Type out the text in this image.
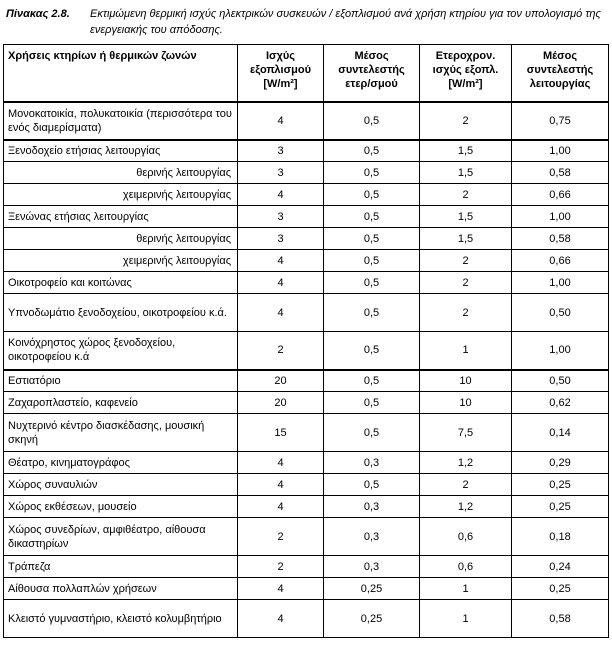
Πίνακας 2.8. Εκτιμώμενη θερμική ισχύς ηλεκτρικών συσκευών / εξοπλισμού ανά χρήση κτηρίου για τον υπολογισμό της ενεργειακής του απόδοσης.
Χρήσεις κτηρίων ή θερμικών ζωνών	Ισχύς εξοπλισμού [W/m²]	Μέσος συντελεστής ετερ/σμού	Ετεροχρον. ισχύς εξοπλ. [W/m²]	Μέσος συντελεστής λειτουργίας
Μονοκατοικία, πολυκατοικία (περισσότερα του ενός διαμερίσματα)	4	0,5	2	0,75
Ξενοδοχείο ετήσιας λειτουργίας	3	0,5	1,5	1,00
θερινής λειτουργίας	3	0,5	1,5	0,58
χειμερινής λειτουργίας	4	0,5	2	0,66
Ξενώνας ετήσιας λειτουργίας	3	0,5	1,5	1,00
θερινής λειτουργίας	3	0,5	1,5	0,58
χειμερινής λειτουργίας	4	0,5	2	0,66
Οικοτροφείο και κοιτώνας	4	0,5	2	1,00
Υπνοδωμάτιο ξενοδοχείου, οικοτροφείου κ.ά.	4	0,5	2	0,50
Κοινόχρηστος χώρος ξενοδοχείου, οικοτροφείου κ.ά	2	0,5	1	1,00
Εστιατόριο	20	0,5	10	0,50
Ζαχαροπλαστείο, καφενείο	20	0,5	10	0,62
Νυχτερινό κέντρο διασκέδασης, μουσική σκηνή	15	0,5	7,5	0,14
Θέατρο, κινηματογράφος	4	0,3	1,2	0,29
Χώρος συναυλιών	4	0,5	2	0,25
Χώρος εκθέσεων, μουσείο	4	0,3	1,2	0,25
Χώρος συνεδρίων, αμφιθέατρο, αίθουσα δικαστηρίων	2	0,3	0,6	0,18
Τράπεζα	2	0,3	0,6	0,24
Αίθουσα πολλαπλών χρήσεων	4	0,25	1	0,25
Κλειστό γυμναστήριο, κλειστό κολυμβητήριο	4	0,25	1	0,58
